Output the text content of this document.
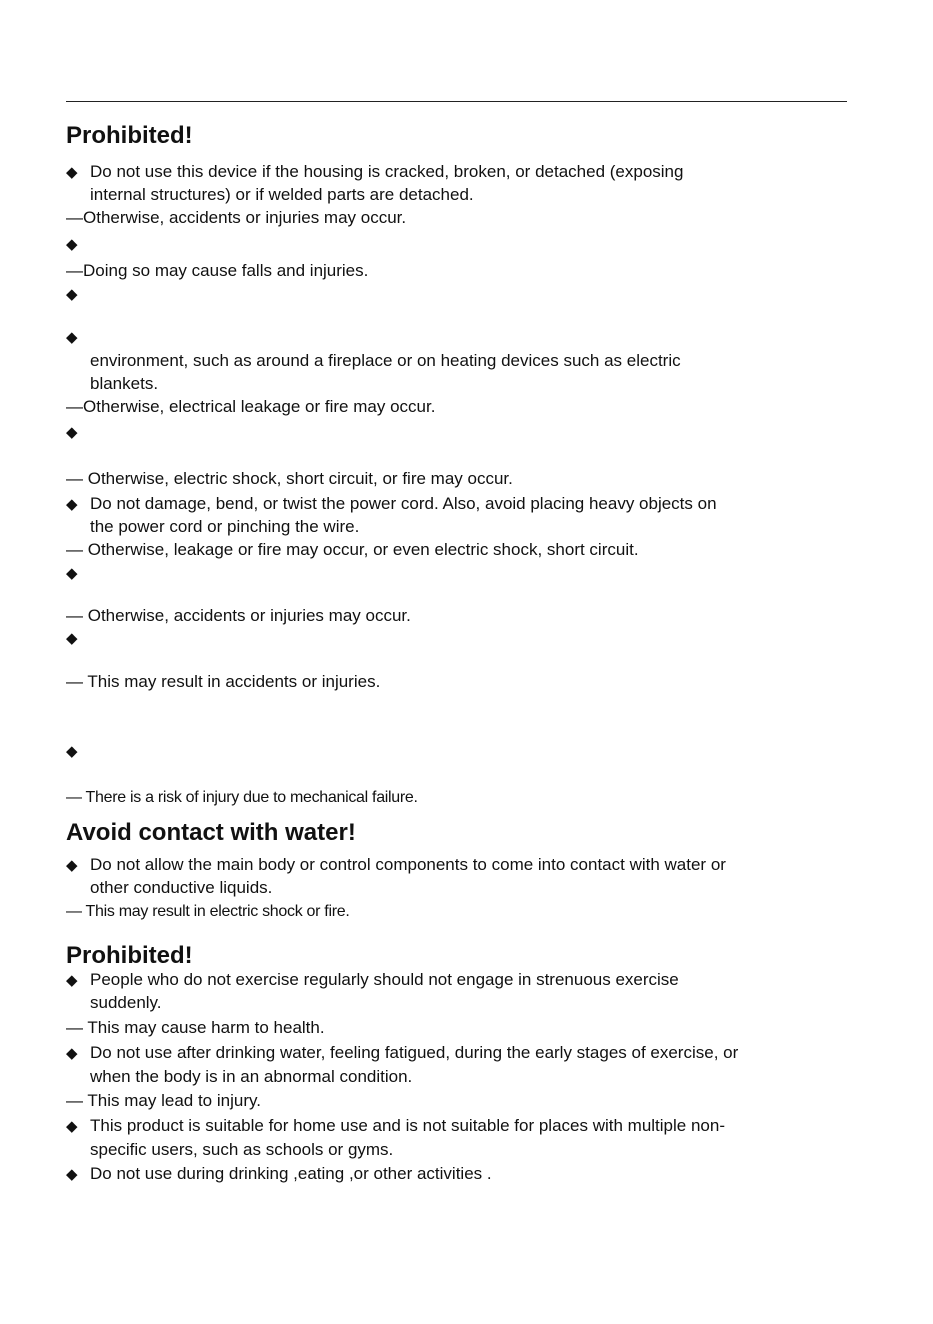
Prohibited!
◆ Do not use this device if the housing is cracked, broken, or detached (exposing
internal structures) or if welded parts are detached.
—Otherwise, accidents or injuries may occur.
◆
—Doing so may cause falls and injuries.
◆
◆
environment, such as around a fireplace or on heating devices such as electric
blankets.
—Otherwise, electrical leakage or fire may occur.
◆
— Otherwise, electric shock, short circuit, or fire may occur.
◆ Do not damage, bend, or twist the power cord. Also, avoid placing heavy objects on
the power cord or pinching the wire.
— Otherwise, leakage or fire may occur, or even electric shock, short circuit.
◆
— Otherwise, accidents or injuries may occur.
◆
— This may result in accidents or injuries.
◆
— There is a risk of injury due to mechanical failure.
Avoid contact with water!
◆ Do not allow the main body or control components to come into contact with water or
other conductive liquids.
— This may result in electric shock or fire.
Prohibited!
◆ People who do not exercise regularly should not engage in strenuous exercise
suddenly.
— This may cause harm to health.
◆ Do not use after drinking water, feeling fatigued, during the early stages of exercise, or
when the body is in an abnormal condition.
— This may lead to injury.
◆ This product is suitable for home use and is not suitable for places with multiple non-
specific users, such as schools or gyms.
◆ Do not use during drinking ,eating ,or other activities .
